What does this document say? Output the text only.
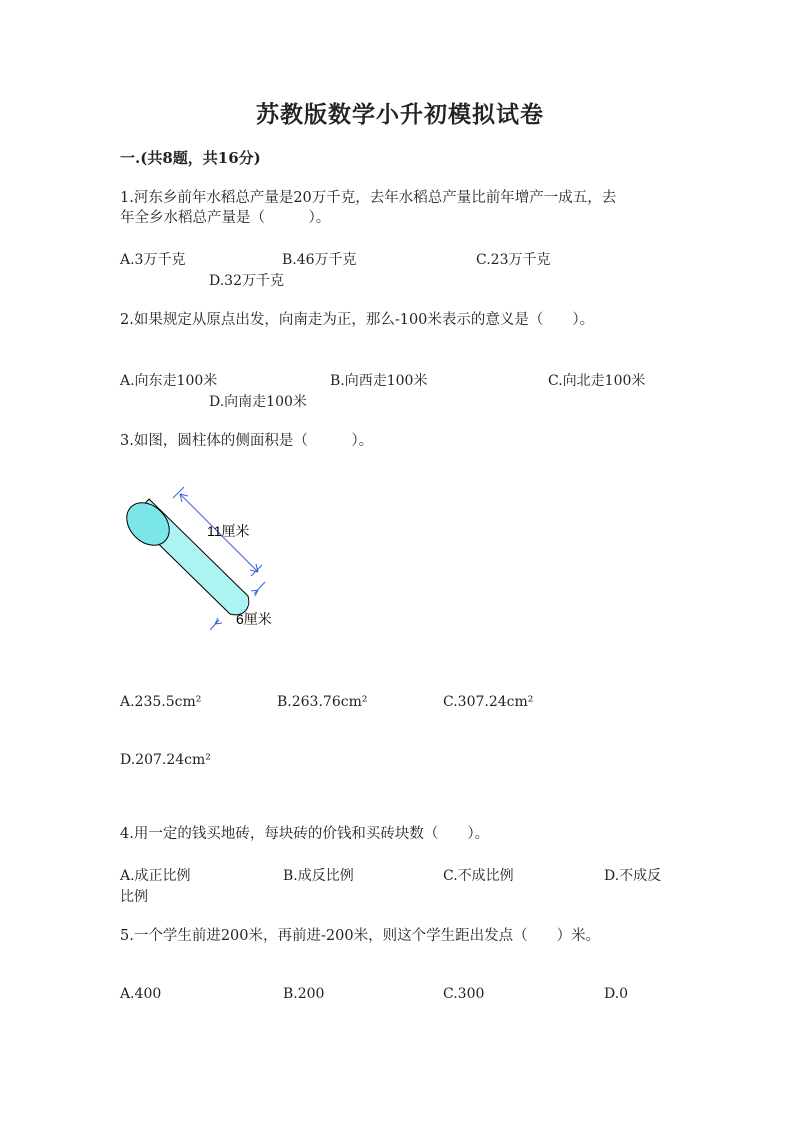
苏教版数学小升初模拟试卷
一.(共8题，共16分)
1.河东乡前年水稻总产量是20万千克，去年水稻总产量比前年增产一成五，去
年全乡水稻总产量是（　　　）。
A.3万千克	B.46万千克	C.23万千克
D.32万千克
2.如果规定从原点出发，向南走为正，那么-100米表示的意义是（　　）。
A.向东走100米	B.向西走100米	C.向北走100米
D.向南走100米
3.如图，圆柱体的侧面积是（　　　）。
11厘米
6厘米
A.235.5cm²	B.263.76cm²	C.307.24cm²
D.207.24cm²
4.用一定的钱买地砖，每块砖的价钱和买砖块数（　　）。
A.成正比例	B.成反比例	C.不成比例	D.不成反
比例
5.一个学生前进200米，再前进-200米，则这个学生距出发点（　　）米。
A.400	B.200	C.300	D.0
